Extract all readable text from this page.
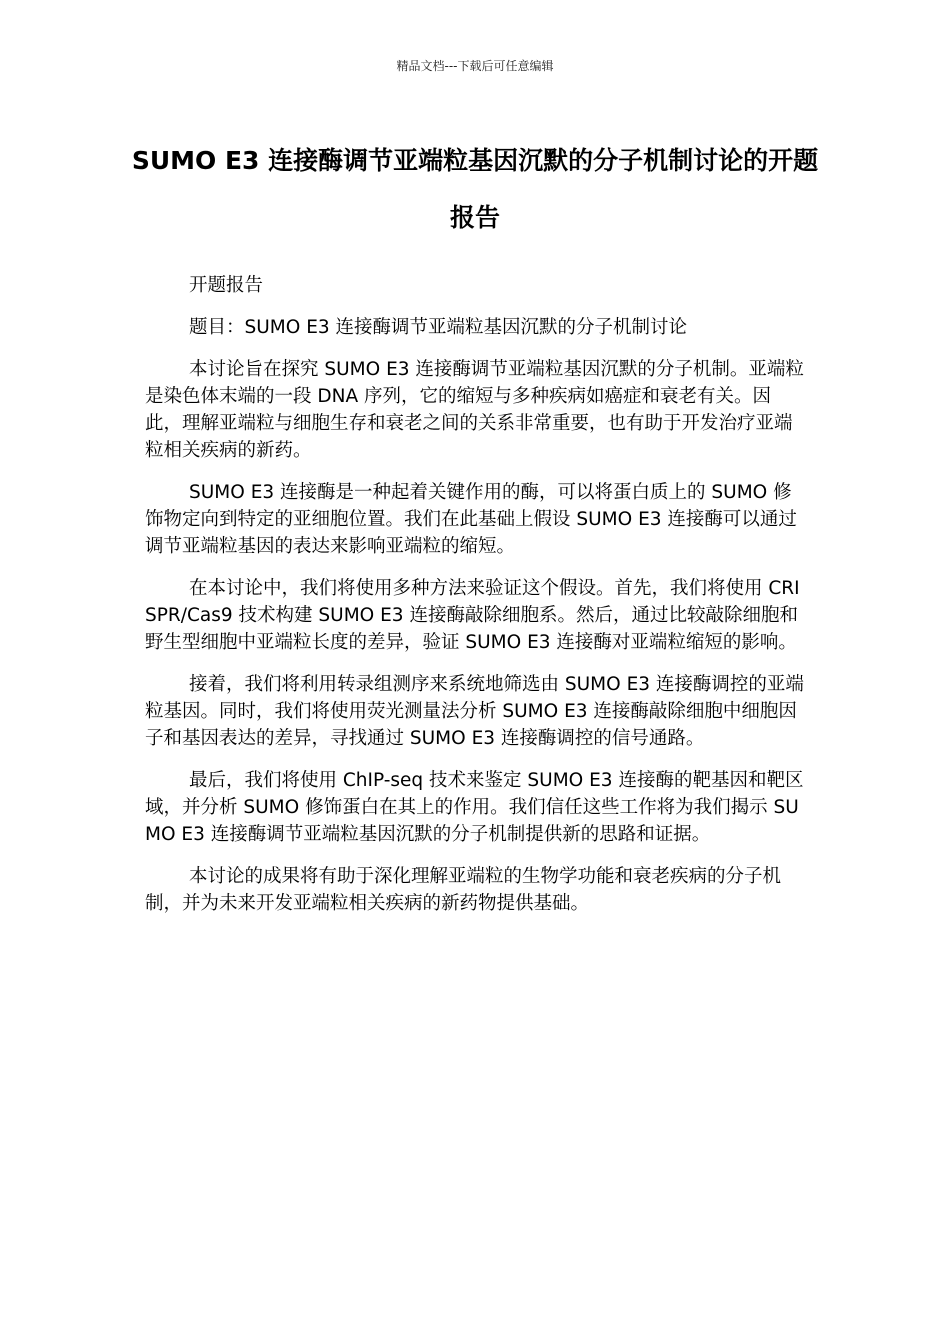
精品文档---下载后可任意编辑
SUMO E3 连接酶调节亚端粒基因沉默的分子机制讨论的开题报告

开题报告

题目：SUMO E3 连接酶调节亚端粒基因沉默的分子机制讨论

本讨论旨在探究 SUMO E3 连接酶调节亚端粒基因沉默的分子机制。亚端粒是染色体末端的一段 DNA 序列，它的缩短与多种疾病如癌症和衰老有关。因此，理解亚端粒与细胞生存和衰老之间的关系非常重要，也有助于开发治疗亚端粒相关疾病的新药。

SUMO E3 连接酶是一种起着关键作用的酶，可以将蛋白质上的 SUMO 修饰物定向到特定的亚细胞位置。我们在此基础上假设 SUMO E3 连接酶可以通过调节亚端粒基因的表达来影响亚端粒的缩短。

在本讨论中，我们将使用多种方法来验证这个假设。首先，我们将使用 CRISPR/Cas9 技术构建 SUMO E3 连接酶敲除细胞系。然后，通过比较敲除细胞和野生型细胞中亚端粒长度的差异，验证 SUMO E3 连接酶对亚端粒缩短的影响。

接着，我们将利用转录组测序来系统地筛选由 SUMO E3 连接酶调控的亚端粒基因。同时，我们将使用荧光测量法分析 SUMO E3 连接酶敲除细胞中细胞因子和基因表达的差异，寻找通过 SUMO E3 连接酶调控的信号通路。

最后，我们将使用 ChIP-seq 技术来鉴定 SUMO E3 连接酶的靶基因和靶区域，并分析 SUMO 修饰蛋白在其上的作用。我们信任这些工作将为我们揭示 SUMO E3 连接酶调节亚端粒基因沉默的分子机制提供新的思路和证据。

本讨论的成果将有助于深化理解亚端粒的生物学功能和衰老疾病的分子机制，并为未来开发亚端粒相关疾病的新药物提供基础。
